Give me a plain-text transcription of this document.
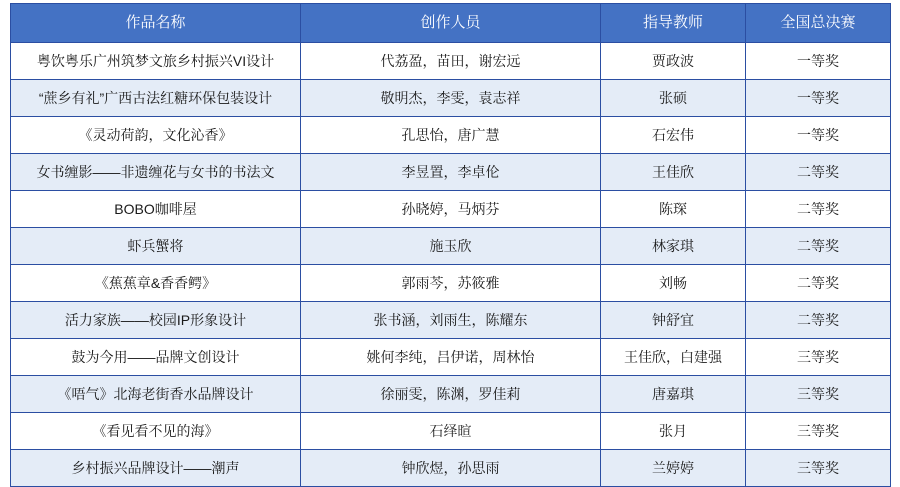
作品名称	创作人员	指导教师	全国总决赛
粤饮粤乐广州筑梦文旅乡村振兴VI设计	代荔盈，苗田，谢宏远	贾政波	一等奖
“蔗乡有礼”广西古法红糖环保包装设计	敬明杰，李雯，袁志祥	张硕	一等奖
《灵动荷韵，文化沁香》	孔思怡，唐广慧	石宏伟	一等奖
女书缠影——非遗缠花与女书的书法文	李昱置，李卓伦	王佳欣	二等奖
BOBO咖啡屋	孙晓婷，马炳芬	陈琛	二等奖
虾兵蟹将	施玉欣	林家琪	二等奖
《蕉蕉章&香香鳄》	郭雨芩，苏筱雅	刘畅	二等奖
活力家族——校园IP形象设计	张书涵，刘雨生，陈耀东	钟舒宜	二等奖
鼓为今用——品牌文创设计	姚何李纯，吕伊诺，周林怡	王佳欣，白建强	三等奖
《唔气》北海老街香水品牌设计	徐丽雯，陈渊，罗佳莉	唐嘉琪	三等奖
《看见看不见的海》	石绎暄	张月	三等奖
乡村振兴品牌设计——潮声	钟欣煜，孙思雨	兰婷婷	三等奖
